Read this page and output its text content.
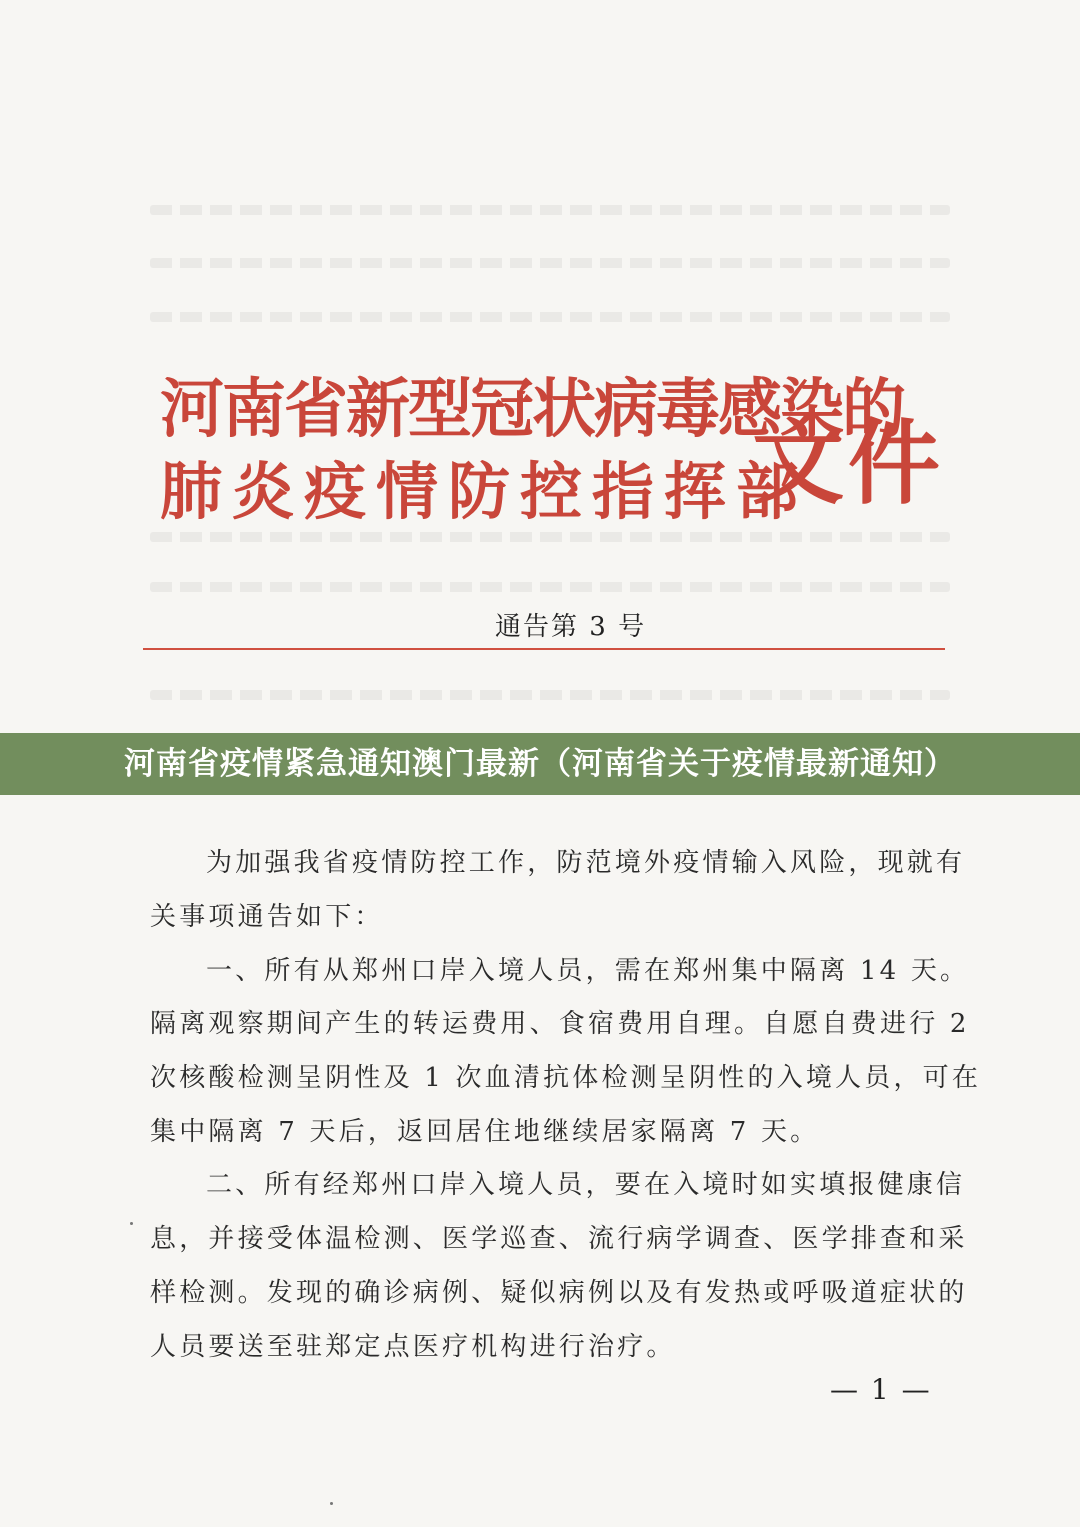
河南省新型冠状病毒感染的
肺炎疫情防控指挥部
文件
通告第 3 号
为加强我省疫情防控工作，防范境外疫情输入风险，现就有
关事项通告如下：
一、所有从郑州口岸入境人员，需在郑州集中隔离 14 天。
隔离观察期间产生的转运费用、食宿费用自理。自愿自费进行 2
次核酸检测呈阴性及 1 次血清抗体检测呈阴性的入境人员，可在
集中隔离 7 天后，返回居住地继续居家隔离 7 天。
二、所有经郑州口岸入境人员，要在入境时如实填报健康信
息，并接受体温检测、医学巡查、流行病学调查、医学排查和采
样检测。发现的确诊病例、疑似病例以及有发热或呼吸道症状的
人员要送至驻郑定点医疗机构进行治疗。
— 1 —
河南省疫情紧急通知澳门最新（河南省关于疫情最新通知）
